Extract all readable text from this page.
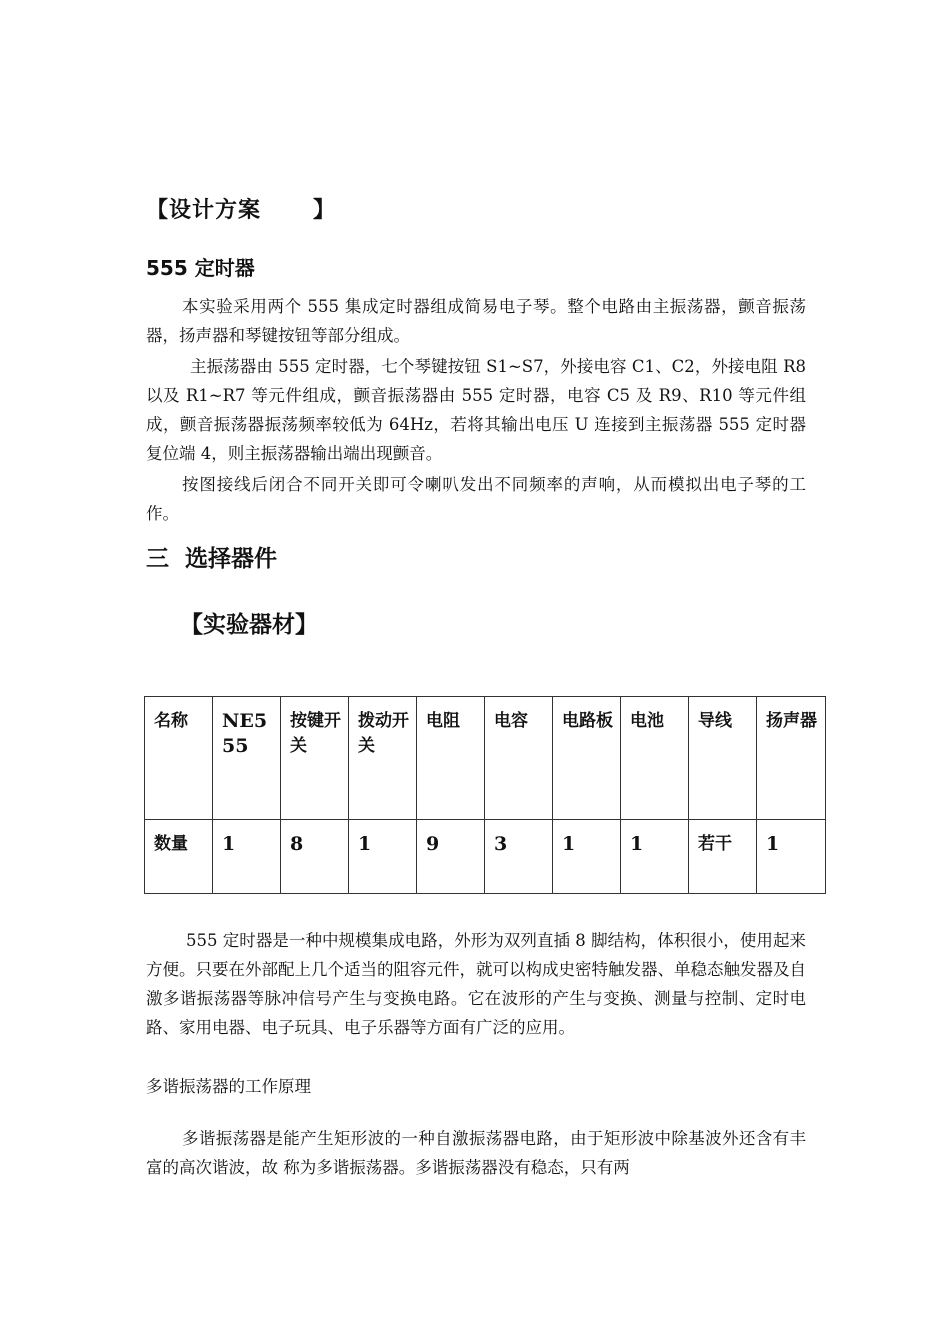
【设计方案      】
555 定时器

本实验采用两个 555 集成定时器组成简易电子琴。整个电路由主振荡器，颤音振荡器，扬声器和琴键按钮等部分组成。

主振荡器由 555 定时器，七个琴键按钮 S1~S7，外接电容 C1、C2，外接电阻 R8 以及 R1~R7 等元件组成，颤音振荡器由 555 定时器，电容 C5 及 R9、R10 等元件组成，颤音振荡器振荡频率较低为 64Hz，若将其输出电压 U 连接到主振荡器 555 定时器复位端 4，则主振荡器输出端出现颤音。

按图接线后闭合不同开关即可令喇叭发出不同频率的声响，从而模拟出电子琴的工作。

三  选择器件
【实验器材】
名称	NE555	按键开关	拨动开关	电阻	电容	电路板	电池	导线	扬声器
数量	1	8	1	9	3	1	1	若干	1

555 定时器是一种中规模集成电路，外形为双列直插 8 脚结构，体积很小，使用起来方便。只要在外部配上几个适当的阻容元件，就可以构成史密特触发器、单稳态触发器及自激多谐振荡器等脉冲信号产生与变换电路。它在波形的产生与变换、测量与控制、定时电路、家用电器、电子玩具、电子乐器等方面有广泛的应用。

多谐振荡器的工作原理

多谐振荡器是能产生矩形波的一种自激振荡器电路，由于矩形波中除基波外还含有丰富的高次谐波，故 称为多谐振荡器。多谐振荡器没有稳态，只有两
